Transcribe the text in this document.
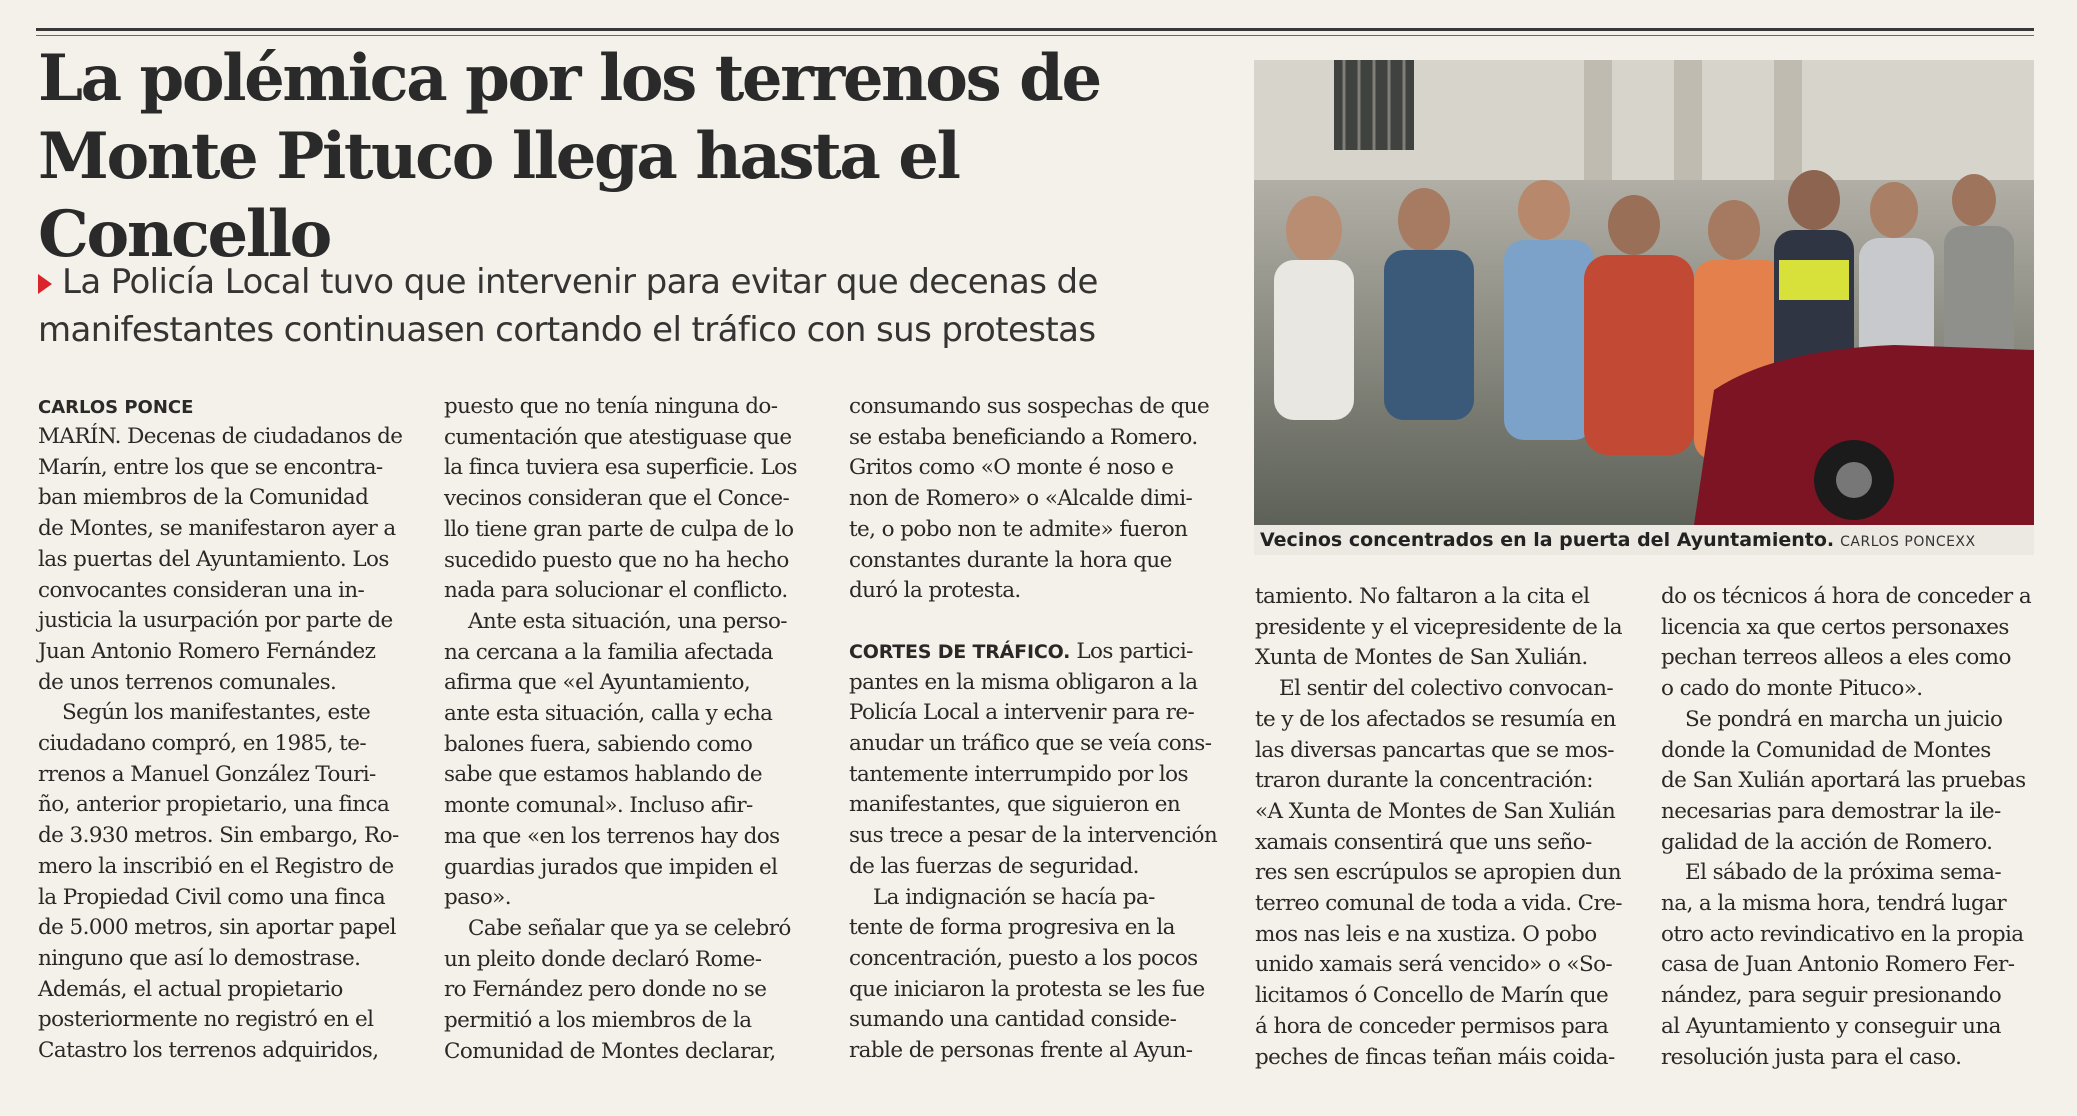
La polémica por los terrenos de
Monte Pituco llega hasta el Concello
La Policía Local tuvo que intervenir para evitar que decenas de
manifestantes continuasen cortando el tráfico con sus protestas
CARLOS PONCE
MARÍN. Decenas de ciudadanos de
Marín, entre los que se encontra-
ban miembros de la Comunidad
de Montes, se manifestaron ayer a
las puertas del Ayuntamiento. Los
convocantes consideran una in-
justicia la usurpación por parte de
Juan Antonio Romero Fernández
de unos terrenos comunales.
Según los manifestantes, este
ciudadano compró, en 1985, te-
rrenos a Manuel González Touri-
ño, anterior propietario, una finca
de 3.930 metros. Sin embargo, Ro-
mero la inscribió en el Registro de
la Propiedad Civil como una finca
de 5.000 metros, sin aportar papel
ninguno que así lo demostrase.
Además, el actual propietario
posteriormente no registró en el
Catastro los terrenos adquiridos,
puesto que no tenía ninguna do-
cumentación que atestiguase que
la finca tuviera esa superficie. Los
vecinos consideran que el Conce-
llo tiene gran parte de culpa de lo
sucedido puesto que no ha hecho
nada para solucionar el conflicto.
Ante esta situación, una perso-
na cercana a la familia afectada
afirma que «el Ayuntamiento,
ante esta situación, calla y echa
balones fuera, sabiendo como
sabe que estamos hablando de
monte comunal». Incluso afir-
ma que «en los terrenos hay dos
guardias jurados que impiden el
paso».
Cabe señalar que ya se celebró
un pleito donde declaró Rome-
ro Fernández pero donde no se
permitió a los miembros de la
Comunidad de Montes declarar,
consumando sus sospechas de que
se estaba beneficiando a Romero.
Gritos como «O monte é noso e
non de Romero» o «Alcalde dimi-
te, o pobo non te admite» fueron
constantes durante la hora que
duró la protesta.
CORTES DE TRÁFICO. Los partici-
pantes en la misma obligaron a la
Policía Local a intervenir para re-
anudar un tráfico que se veía cons-
tantemente interrumpido por los
manifestantes, que siguieron en
sus trece a pesar de la intervención
de las fuerzas de seguridad.
La indignación se hacía pa-
tente de forma progresiva en la
concentración, puesto a los pocos
que iniciaron la protesta se les fue
sumando una cantidad conside-
rable de personas frente al Ayun-
Vecinos concentrados en la puerta del Ayuntamiento. CARLOS PONCEXX
tamiento. No faltaron a la cita el
presidente y el vicepresidente de la
Xunta de Montes de San Xulián.
El sentir del colectivo convocan-
te y de los afectados se resumía en
las diversas pancartas que se mos-
traron durante la concentración:
«A Xunta de Montes de San Xulián
xamais consentirá que uns seño-
res sen escrúpulos se apropien dun
terreo comunal de toda a vida. Cre-
mos nas leis e na xustiza. O pobo
unido xamais será vencido» o «So-
licitamos ó Concello de Marín que
á hora de conceder permisos para
peches de fincas teñan máis coida-
do os técnicos á hora de conceder a
licencia xa que certos personaxes
pechan terreos alleos a eles como
o cado do monte Pituco».
Se pondrá en marcha un juicio
donde la Comunidad de Montes
de San Xulián aportará las pruebas
necesarias para demostrar la ile-
galidad de la acción de Romero.
El sábado de la próxima sema-
na, a la misma hora, tendrá lugar
otro acto revindicativo en la propia
casa de Juan Antonio Romero Fer-
nández, para seguir presionando
al Ayuntamiento y conseguir una
resolución justa para el caso.
